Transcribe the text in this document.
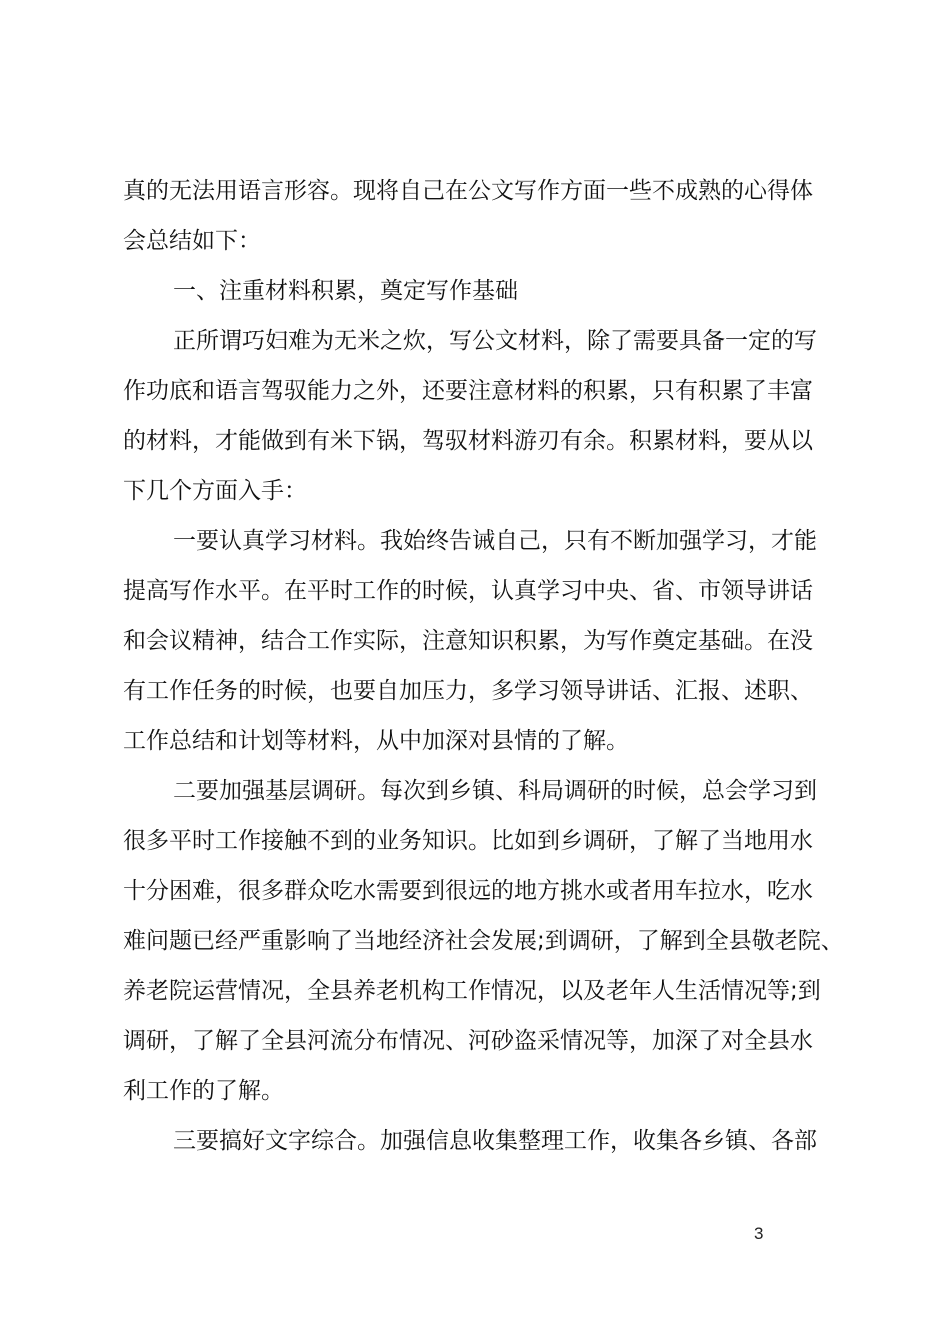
真的无法用语言形容。现将自己在公文写作方面一些不成熟的心得体
会总结如下：
一、注重材料积累，奠定写作基础
正所谓巧妇难为无米之炊，写公文材料，除了需要具备一定的写
作功底和语言驾驭能力之外，还要注意材料的积累，只有积累了丰富
的材料，才能做到有米下锅，驾驭材料游刃有余。积累材料，要从以
下几个方面入手：
一要认真学习材料。我始终告诫自己，只有不断加强学习，才能
提高写作水平。在平时工作的时候，认真学习中央、省、市领导讲话
和会议精神，结合工作实际，注意知识积累，为写作奠定基础。在没
有工作任务的时候，也要自加压力，多学习领导讲话、汇报、述职、
工作总结和计划等材料，从中加深对县情的了解。
二要加强基层调研。每次到乡镇、科局调研的时候，总会学习到
很多平时工作接触不到的业务知识。比如到乡调研，了解了当地用水
十分困难，很多群众吃水需要到很远的地方挑水或者用车拉水，吃水
难问题已经严重影响了当地经济社会发展;到调研，了解到全县敬老院、
养老院运营情况，全县养老机构工作情况，以及老年人生活情况等;到
调研，了解了全县河流分布情况、河砂盗采情况等，加深了对全县水
利工作的了解。
三要搞好文字综合。加强信息收集整理工作，收集各乡镇、各部
3
